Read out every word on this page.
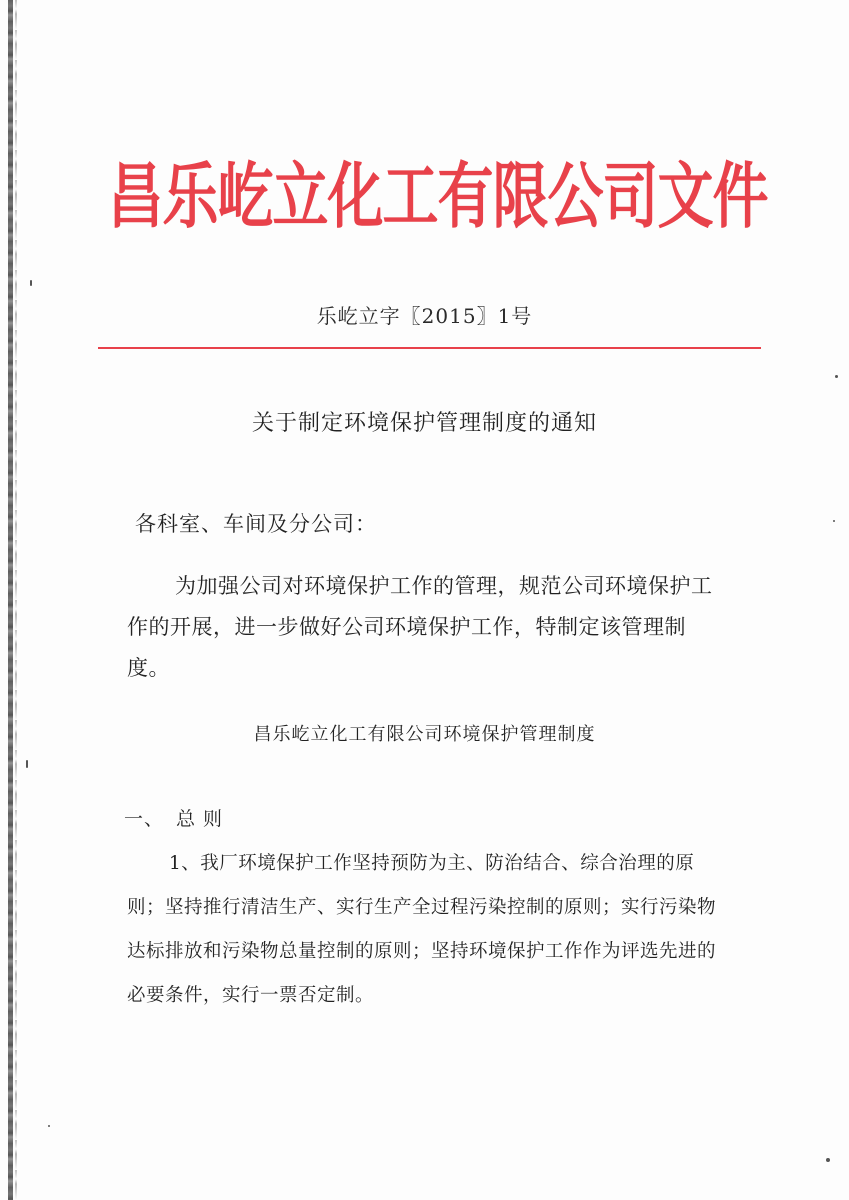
昌乐屹立化工有限公司文件
乐屹立字〖2015〗1号
关于制定环境保护管理制度的通知
各科室、车间及分公司：
为加强公司对环境保护工作的管理，规范公司环境保护工作的开展，进一步做好公司环境保护工作，特制定该管理制度。
昌乐屹立化工有限公司环境保护管理制度
一、 总 则
1、我厂环境保护工作坚持预防为主、防治结合、综合治理的原则；坚持推行清洁生产、实行生产全过程污染控制的原则；实行污染物达标排放和污染物总量控制的原则；坚持环境保护工作作为评选先进的必要条件，实行一票否定制。
